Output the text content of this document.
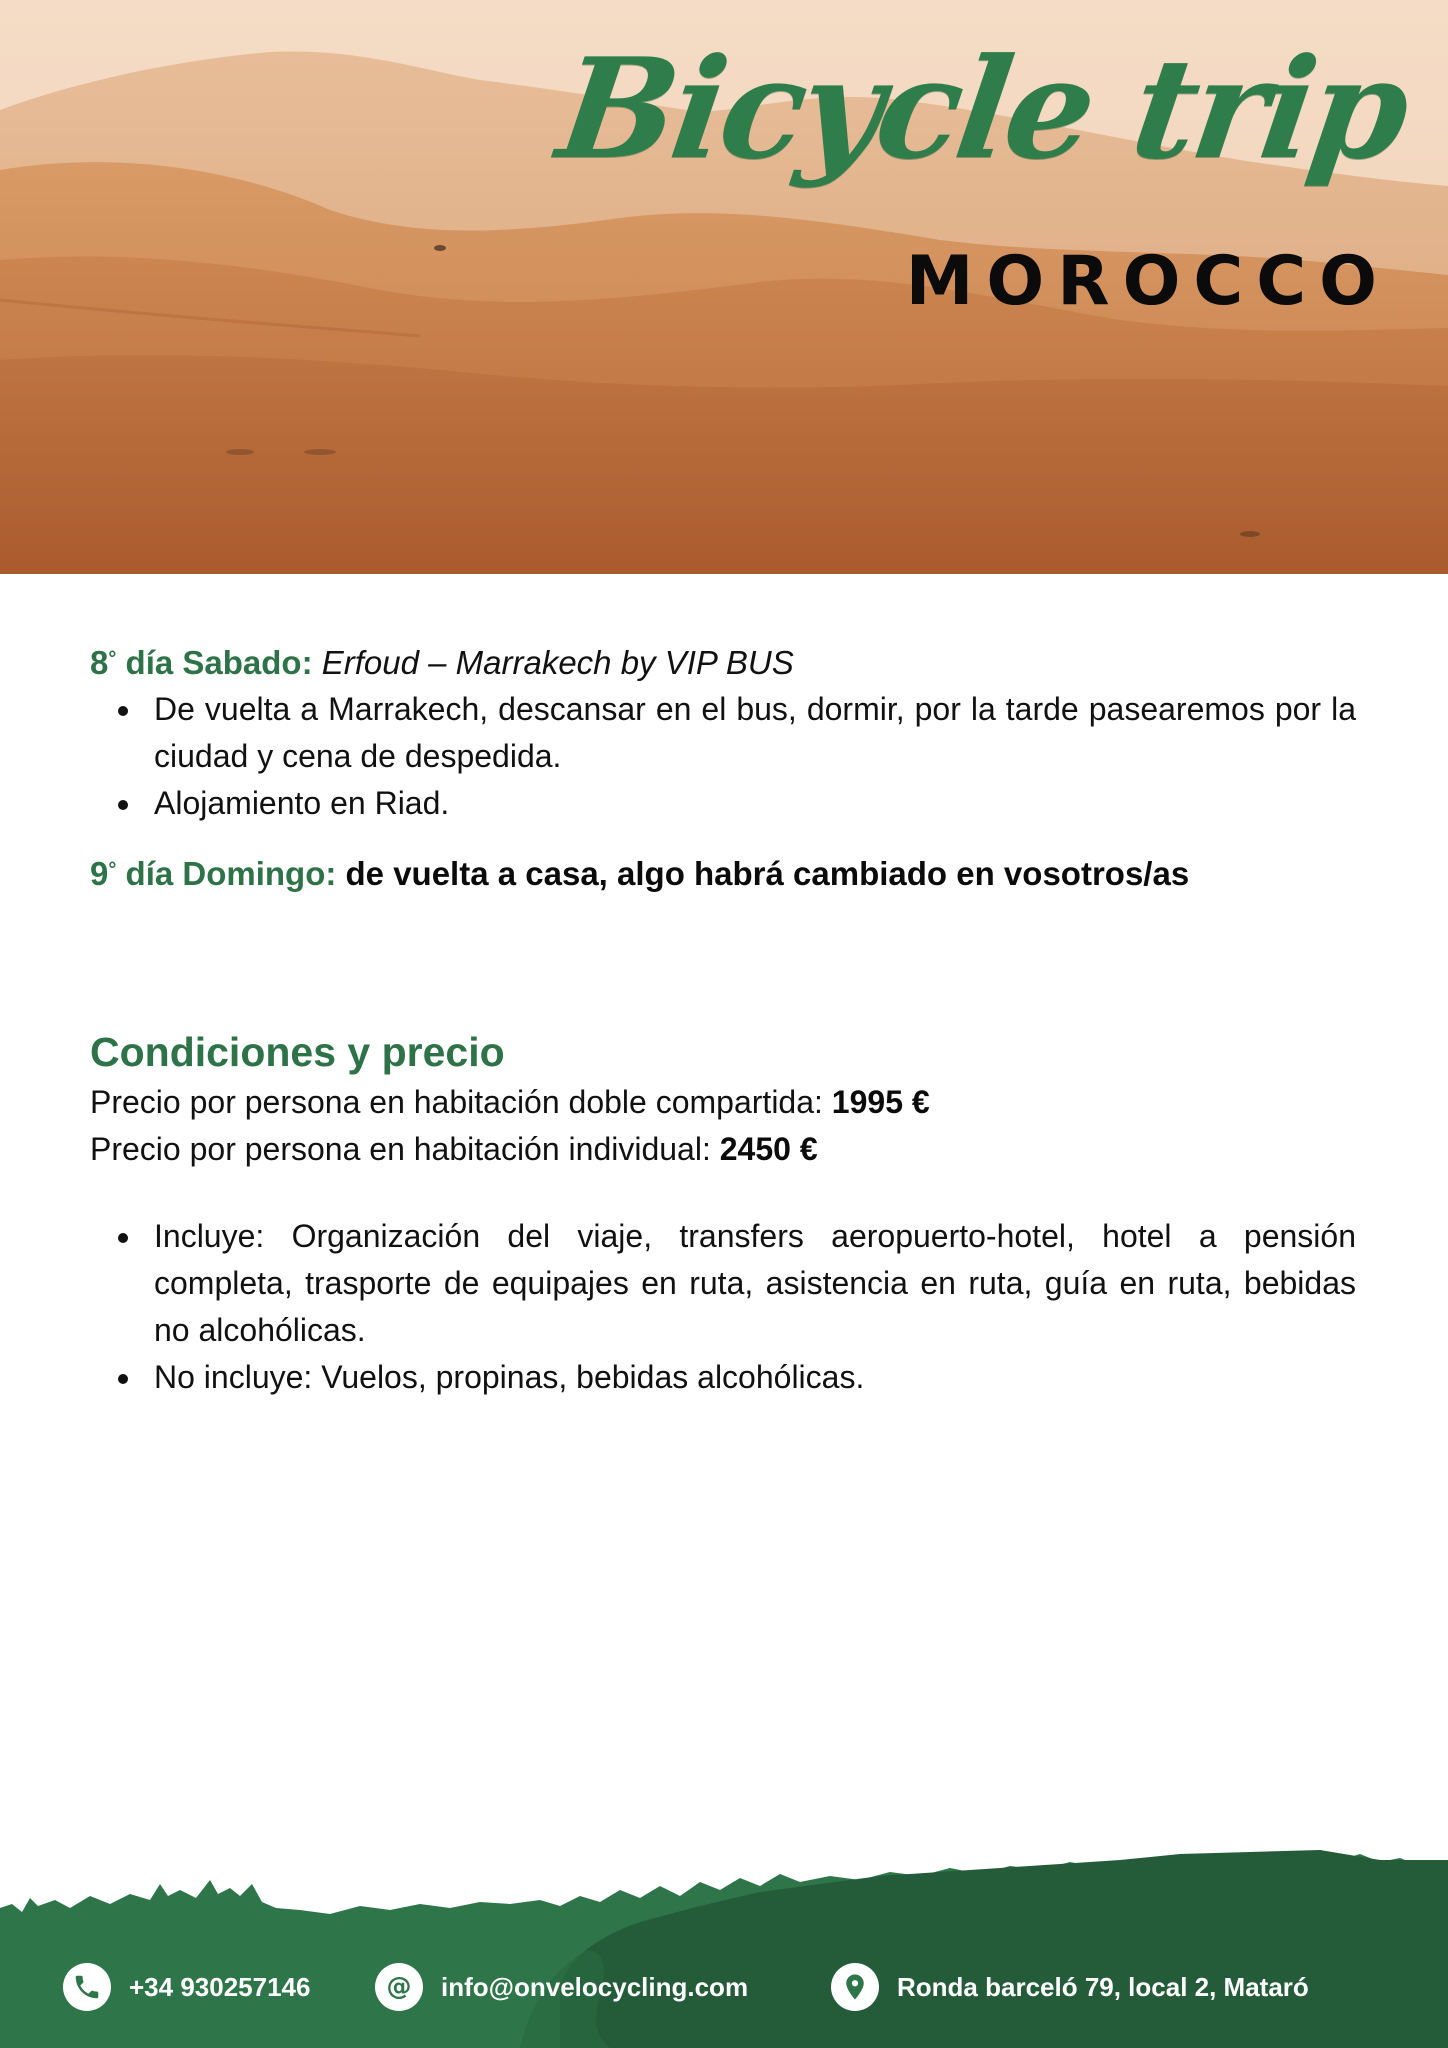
Bicycle trip
MOROCCO
8° día Sabado: Erfoud – Marrakech by VIP BUS
De vuelta a Marrakech, descansar en el bus, dormir, por la tarde pasearemos por la ciudad y cena de despedida.
Alojamiento en Riad.
9° día Domingo: de vuelta a casa, algo habrá cambiado en vosotros/as
Condiciones y precio
Precio por persona en habitación doble compartida: 1995 €
Precio por persona en habitación individual: 2450 €
Incluye: Organización del viaje, transfers aeropuerto-hotel, hotel a pensión completa, trasporte de equipajes en ruta, asistencia en ruta, guía en ruta, bebidas no alcohólicas.
No incluye: Vuelos, propinas, bebidas alcohólicas.
+34 930257146	@ info@onvelocycling.com	Ronda barceló 79, local 2, Mataró
